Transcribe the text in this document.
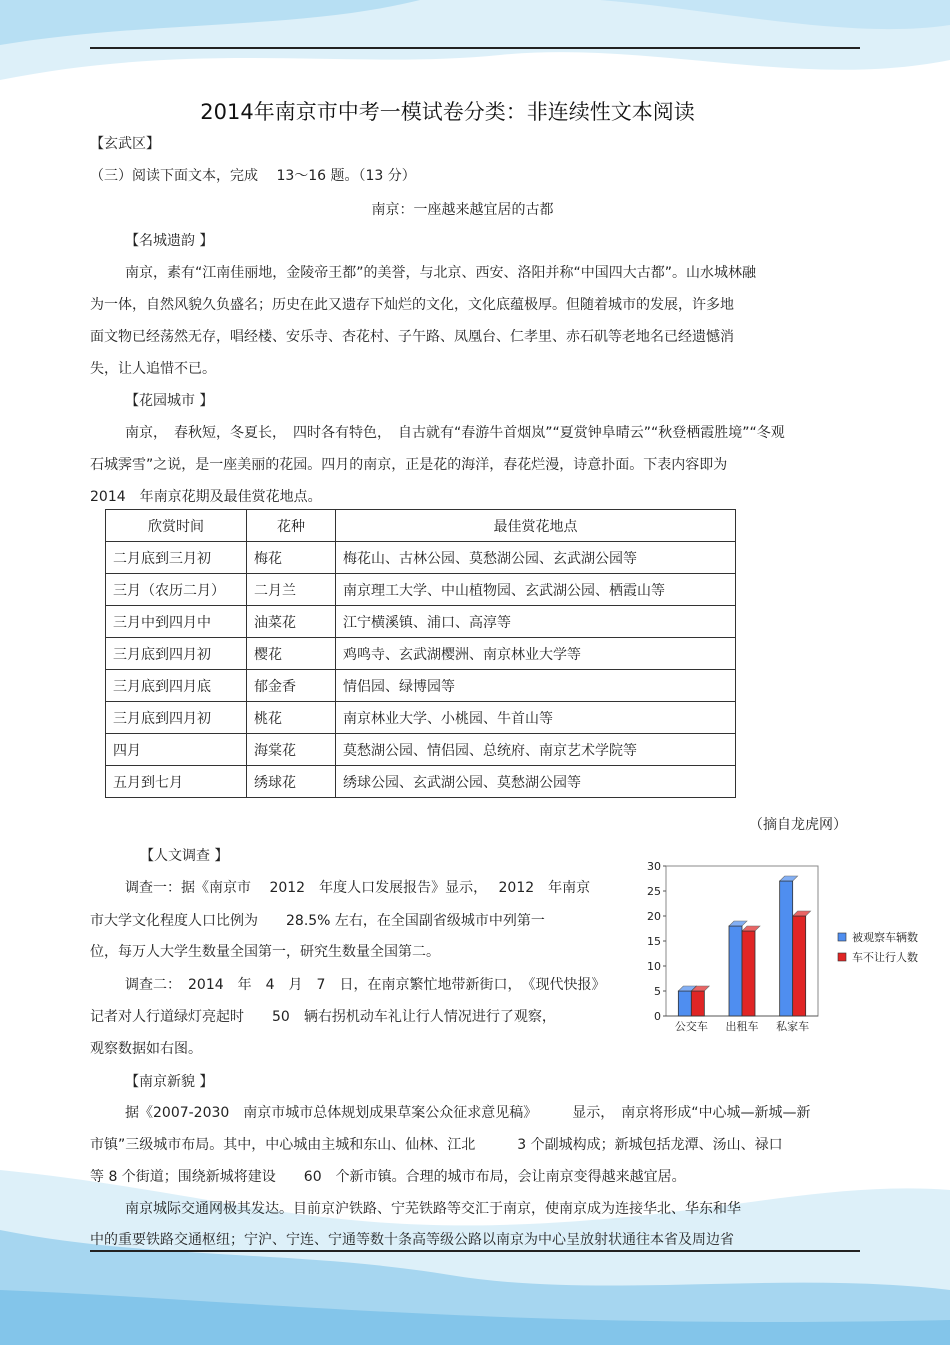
2014年南京市中考一模试卷分类：非连续性文本阅读
【玄武区】
（三）阅读下面文本，完成　 13～16 题。（13 分）
南京：一座越来越宜居的古都
【名城遗韵 】
南京，素有“江南佳丽地，金陵帝王都”的美誉，与北京、西安、洛阳并称“中国四大古都”。山水城林融
为一体，自然风貌久负盛名；历史在此又遗存下灿烂的文化，文化底蕴极厚。但随着城市的发展，许多地
面文物已经荡然无存，唱经楼、安乐寺、杏花村、子午路、凤凰台、仁孝里、赤石矶等老地名已经遗憾消
失，让人追惜不已。
【花园城市 】
南京，　春秋短，冬夏长，　四时各有特色，　自古就有“春游牛首烟岚”“夏赏钟阜晴云”“秋登栖霞胜境”“冬观
石城霁雪”之说，是一座美丽的花园。四月的南京，正是花的海洋，春花烂漫，诗意扑面。下表内容即为
2014　年南京花期及最佳赏花地点。
欣赏时间	花种	最佳赏花地点
二月底到三月初	梅花	梅花山、古林公园、莫愁湖公园、玄武湖公园等
三月（农历二月）	二月兰	南京理工大学、中山植物园、玄武湖公园、栖霞山等
三月中到四月中	油菜花	江宁横溪镇、浦口、高淳等
三月底到四月初	樱花	鸡鸣寺、玄武湖樱洲、南京林业大学等
三月底到四月底	郁金香	情侣园、绿博园等
三月底到四月初	桃花	南京林业大学、小桃园、牛首山等
四月	海棠花	莫愁湖公园、情侣园、总统府、南京艺术学院等
五月到七月	绣球花	绣球公园、玄武湖公园、莫愁湖公园等
（摘自龙虎网）
【人文调查 】
调查一：据《南京市　 2012　年度人口发展报告》显示，　 2012　年南京
市大学文化程度人口比例为　　28.5% 左右，在全国副省级城市中列第一
位，每万人大学生数量全国第一，研究生数量全国第二。
调查二：　2014　年　4　月　7　日，在南京繁忙地带新街口，　《现代快报》
记者对人行道绿灯亮起时　　50　辆右拐机动车礼让行人情况进行了观察，
观察数据如右图。
0
5
10
15
20
25
30
公交车 出租车 私家车
被观察车辆数
车不让行人数
【南京新貌 】
据《2007-2030　南京市城市总体规划成果草案公众征求意见稿》　　　显示，　南京将形成“中心城—新城—新
市镇”三级城市布局。其中，中心城由主城和东山、仙林、江北　　　3 个副城构成；新城包括龙潭、汤山、禄口
等 8 个街道；围绕新城将建设　　60　个新市镇。合理的城市布局，会让南京变得越来越宜居。
南京城际交通网极其发达。目前京沪铁路、宁芜铁路等交汇于南京，使南京成为连接华北、华东和华
中的重要铁路交通枢纽；宁沪、宁连、宁通等数十条高等级公路以南京为中心呈放射状通往本省及周边省
